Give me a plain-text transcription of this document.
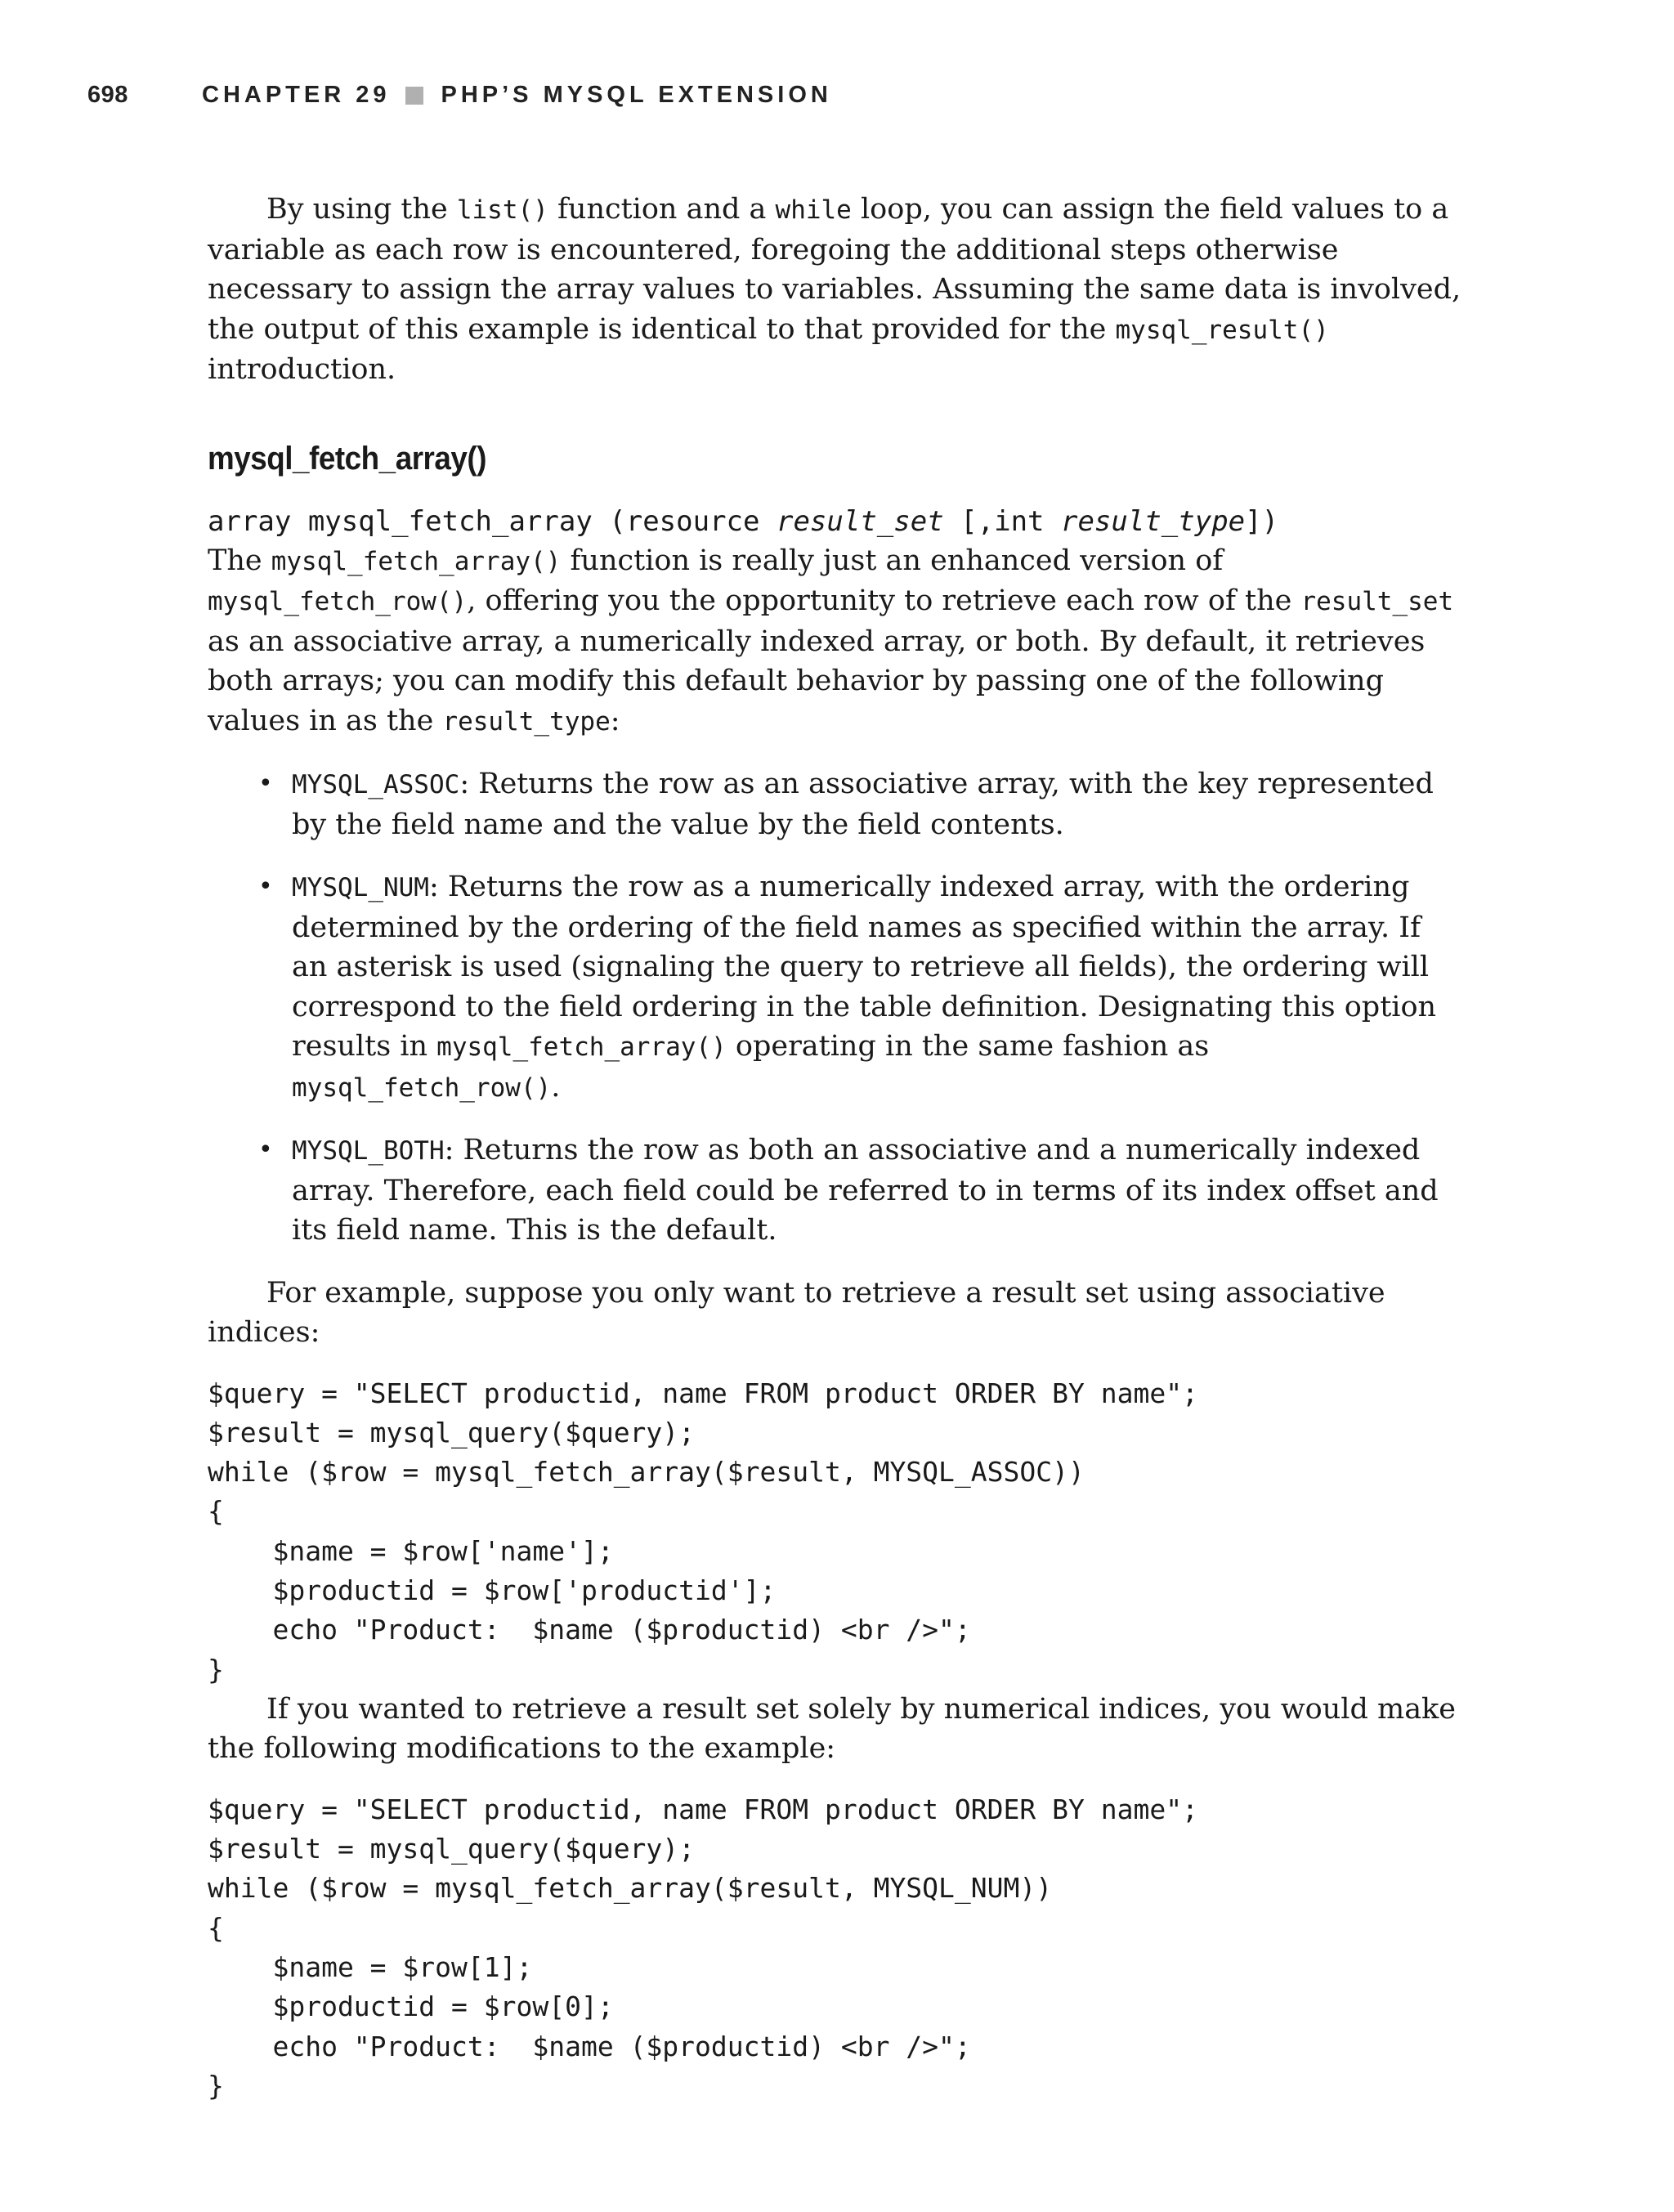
698	CHAPTER 29 PHP’S MYSQL EXTENSION

By using the list() function and a while loop, you can assign the field values to a variable as each row is encountered, foregoing the additional steps otherwise necessary to assign the array values to variables. Assuming the same data is involved, the output of this example is identical to that provided for the mysql_result() introduction.

mysql_fetch_array()
array mysql_fetch_array (resource result_set [,int result_type])

The mysql_fetch_array() function is really just an enhanced version of mysql_fetch_row(), offering you the opportunity to retrieve each row of the result_set as an associative array, a numerically indexed array, or both. By default, it retrieves both arrays; you can modify this default behavior by passing one of the following values in as the result_type:

• MYSQL_ASSOC: Returns the row as an associative array, with the key represented by the field name and the value by the field contents.
• MYSQL_NUM: Returns the row as a numerically indexed array, with the ordering determined by the ordering of the field names as specified within the array. If an asterisk is used (signaling the query to retrieve all fields), the ordering will correspond to the field ordering in the table definition. Designating this option results in mysql_fetch_array() operating in the same fashion as mysql_fetch_row().
• MYSQL_BOTH: Returns the row as both an associative and a numerically indexed array. Therefore, each field could be referred to in terms of its index offset and its field name. This is the default.

For example, suppose you only want to retrieve a result set using associative indices:

$query = "SELECT productid, name FROM product ORDER BY name";
$result = mysql_query($query);
while ($row = mysql_fetch_array($result, MYSQL_ASSOC))
{
$name = $row['name'];
$productid = $row['productid'];
echo "Product:  $name ($productid) <br />";
}

If you wanted to retrieve a result set solely by numerical indices, you would make the following modifications to the example:

$query = "SELECT productid, name FROM product ORDER BY name";
$result = mysql_query($query);
while ($row = mysql_fetch_array($result, MYSQL_NUM))
{
$name = $row[1];
$productid = $row[0];
echo "Product:  $name ($productid) <br />";
}
